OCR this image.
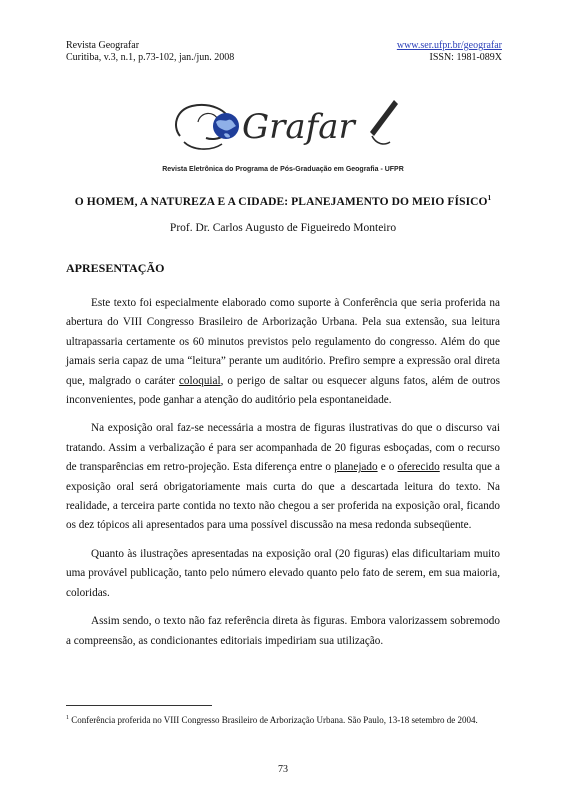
Revista Geografar
Curitiba, v.3, n.1, p.73-102, jan./jun. 2008
www.ser.ufpr.br/geografar
ISSN: 1981-089X
Grafar
Revista Eletrônica do Programa de Pós-Graduação em Geografia - UFPR
O HOMEM, A NATUREZA E A CIDADE: PLANEJAMENTO DO MEIO FÍSICO$^1$
Prof. Dr. Carlos Augusto de Figueiredo Monteiro
APRESENTAÇÃO

Este texto foi especialmente elaborado como suporte à Conferência que seria proferida na abertura do VIII Congresso Brasileiro de Arborização Urbana. Pela sua extensão, sua leitura ultrapassaria certamente os 60 minutos previstos pelo regulamento do congresso. Além do que jamais seria capaz de uma “leitura” perante um auditório. Prefiro sempre a expressão oral direta que, malgrado o caráter coloquial, o perigo de saltar ou esquecer alguns fatos, além de outros inconvenientes, pode ganhar a atenção do auditório pela espontaneidade.

Na exposição oral faz-se necessária a mostra de figuras ilustrativas do que o discurso vai tratando. Assim a verbalização é para ser acompanhada de 20 figuras esboçadas, com o recurso de transparências em retro-projeção. Esta diferença entre o planejado e o oferecido resulta que a exposição oral será obrigatoriamente mais curta do que a descartada leitura do texto. Na realidade, a terceira parte contida no texto não chegou a ser proferida na exposição oral, ficando os dez tópicos ali apresentados para uma possível discussão na mesa redonda subseqüente.

Quanto às ilustrações apresentadas na exposição oral (20 figuras) elas dificultariam muito uma provável publicação, tanto pelo número elevado quanto pelo fato de serem, em sua maioria, coloridas.

Assim sendo, o texto não faz referência direta às figuras. Embora valorizassem sobremodo a compreensão, as condicionantes editoriais impediriam sua utilização.

$^1$ Conferência proferida no VIII Congresso Brasileiro de Arborização Urbana. São Paulo, 13-18 setembro de 2004.
73
